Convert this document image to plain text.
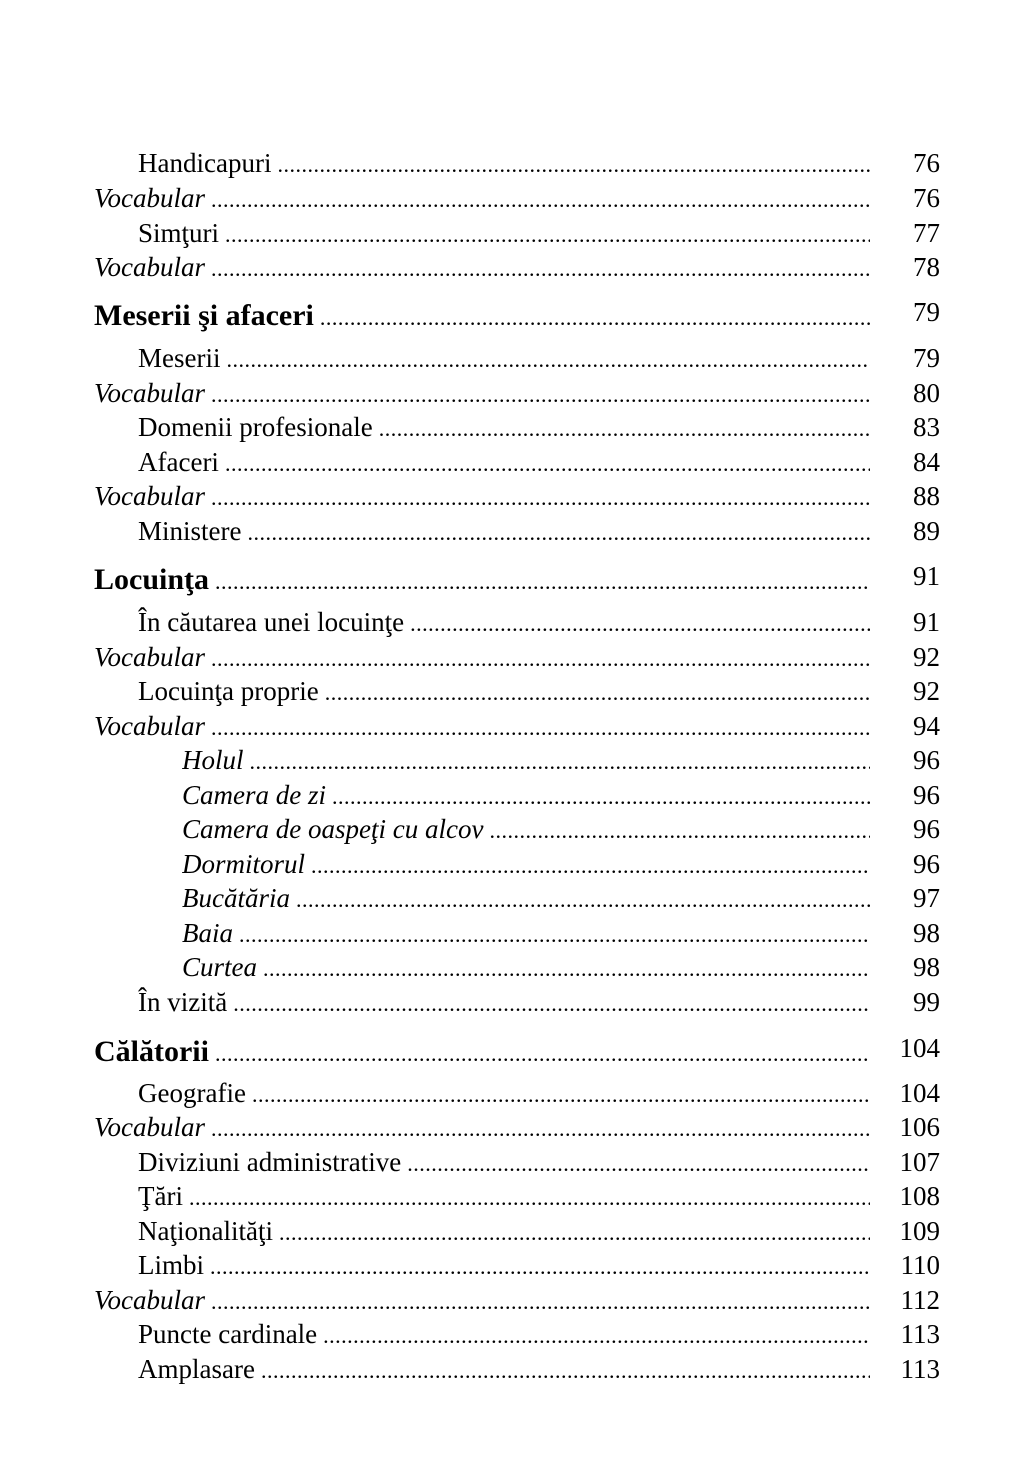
Handicapuri .....	76
Vocabular .....	76
Simţuri .....	77
Vocabular .....	78
Meserii şi afaceri .....	79
Meserii .....	79
Vocabular .....	80
Domenii profesionale .....	83
Afaceri .....	84
Vocabular .....	88
Ministere .....	89
Locuinţa .....	91
În căutarea unei locuinţe .....	91
Vocabular .....	92
Locuinţa proprie .....	92
Vocabular .....	94
Holul .....	96
Camera de zi .....	96
Camera de oaspeţi cu alcov .....	96
Dormitorul .....	96
Bucătăria .....	97
Baia .....	98
Curtea .....	98
În vizită .....	99
Călătorii .....	104
Geografie .....	104
Vocabular .....	106
Diviziuni administrative .....	107
Ţări .....	108
Naţionalităţi .....	109
Limbi .....	110
Vocabular .....	112
Puncte cardinale .....	113
Amplasare .....	113
